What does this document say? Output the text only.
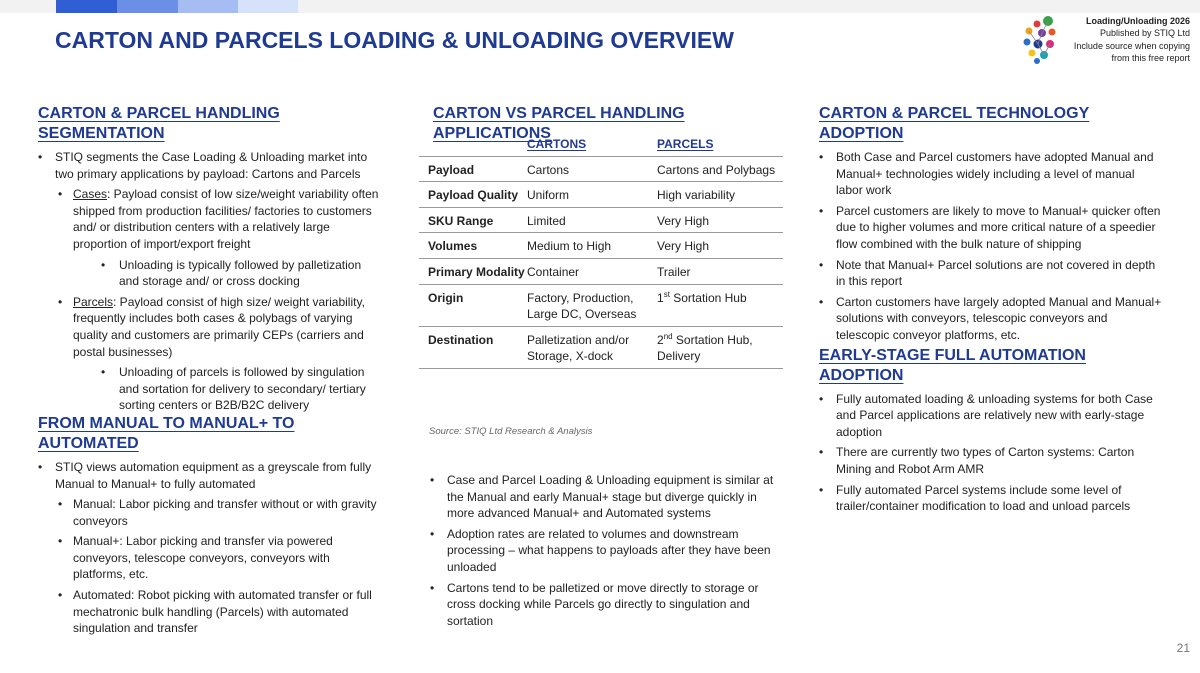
CARTON AND PARCELS LOADING & UNLOADING OVERVIEW
Loading/Unloading 2026
Published by STIQ Ltd
Include source when copying
from this free report
CARTON & PARCEL HANDLING SEGMENTATION
• STIQ segments the Case Loading & Unloading market into two primary applications by payload: Cartons and Parcels
• Cases: Payload consist of low size/weight variability often shipped from production facilities/ factories to customers and/ or distribution centers with a relatively large proportion of import/export freight
• Unloading is typically followed by palletization and storage and/ or cross docking
• Parcels: Payload consist of high size/ weight variability, frequently includes both cases & polybags of varying quality and customers are primarily CEPs (carriers and postal businesses)
• Unloading of parcels is followed by singulation and sortation for delivery to secondary/ tertiary sorting centers or B2B/B2C delivery
FROM MANUAL TO MANUAL+ TO AUTOMATED
• STIQ views automation equipment as a greyscale from fully Manual to Manual+ to fully automated
• Manual: Labor picking and transfer without or with gravity conveyors
• Manual+: Labor picking and transfer via powered conveyors, telescope conveyors, conveyors with platforms, etc.
• Automated: Robot picking with automated transfer or full mechatronic bulk handling (Parcels) with automated singulation and transfer
CARTON VS PARCEL HANDLING APPLICATIONS
	CARTONS	PARCELS
Payload	Cartons	Cartons and Polybags
Payload Quality	Uniform	High variability
SKU Range	Limited	Very High
Volumes	Medium to High	Very High
Primary Modality	Container	Trailer
Origin	Factory, Production, Large DC, Overseas	1st Sortation Hub
Destination	Palletization and/or Storage, X-dock	2nd Sortation Hub, Delivery
Source: STIQ Ltd Research & Analysis
• Case and Parcel Loading & Unloading equipment is similar at the Manual and early Manual+ stage but diverge quickly in more advanced Manual+ and Automated systems
• Adoption rates are related to volumes and downstream processing – what happens to payloads after they have been unloaded
• Cartons tend to be palletized or move directly to storage or cross docking while Parcels go directly to singulation and sortation
CARTON & PARCEL TECHNOLOGY ADOPTION
• Both Case and Parcel customers have adopted Manual and Manual+ technologies widely including a level of manual labor work
• Parcel customers are likely to move to Manual+ quicker often due to higher volumes and more critical nature of a speedier flow combined with the bulk nature of shipping
• Note that Manual+ Parcel solutions are not covered in depth in this report
• Carton customers have largely adopted Manual and Manual+ solutions with conveyors, telescopic conveyors and telescopic conveyor platforms, etc.
EARLY-STAGE FULL AUTOMATION ADOPTION
• Fully automated loading & unloading systems for both Case and Parcel applications are relatively new with early-stage adoption
• There are currently two types of Carton systems: Carton Mining and Robot Arm AMR
• Fully automated Parcel systems include some level of trailer/container modification to load and unload parcels
21
